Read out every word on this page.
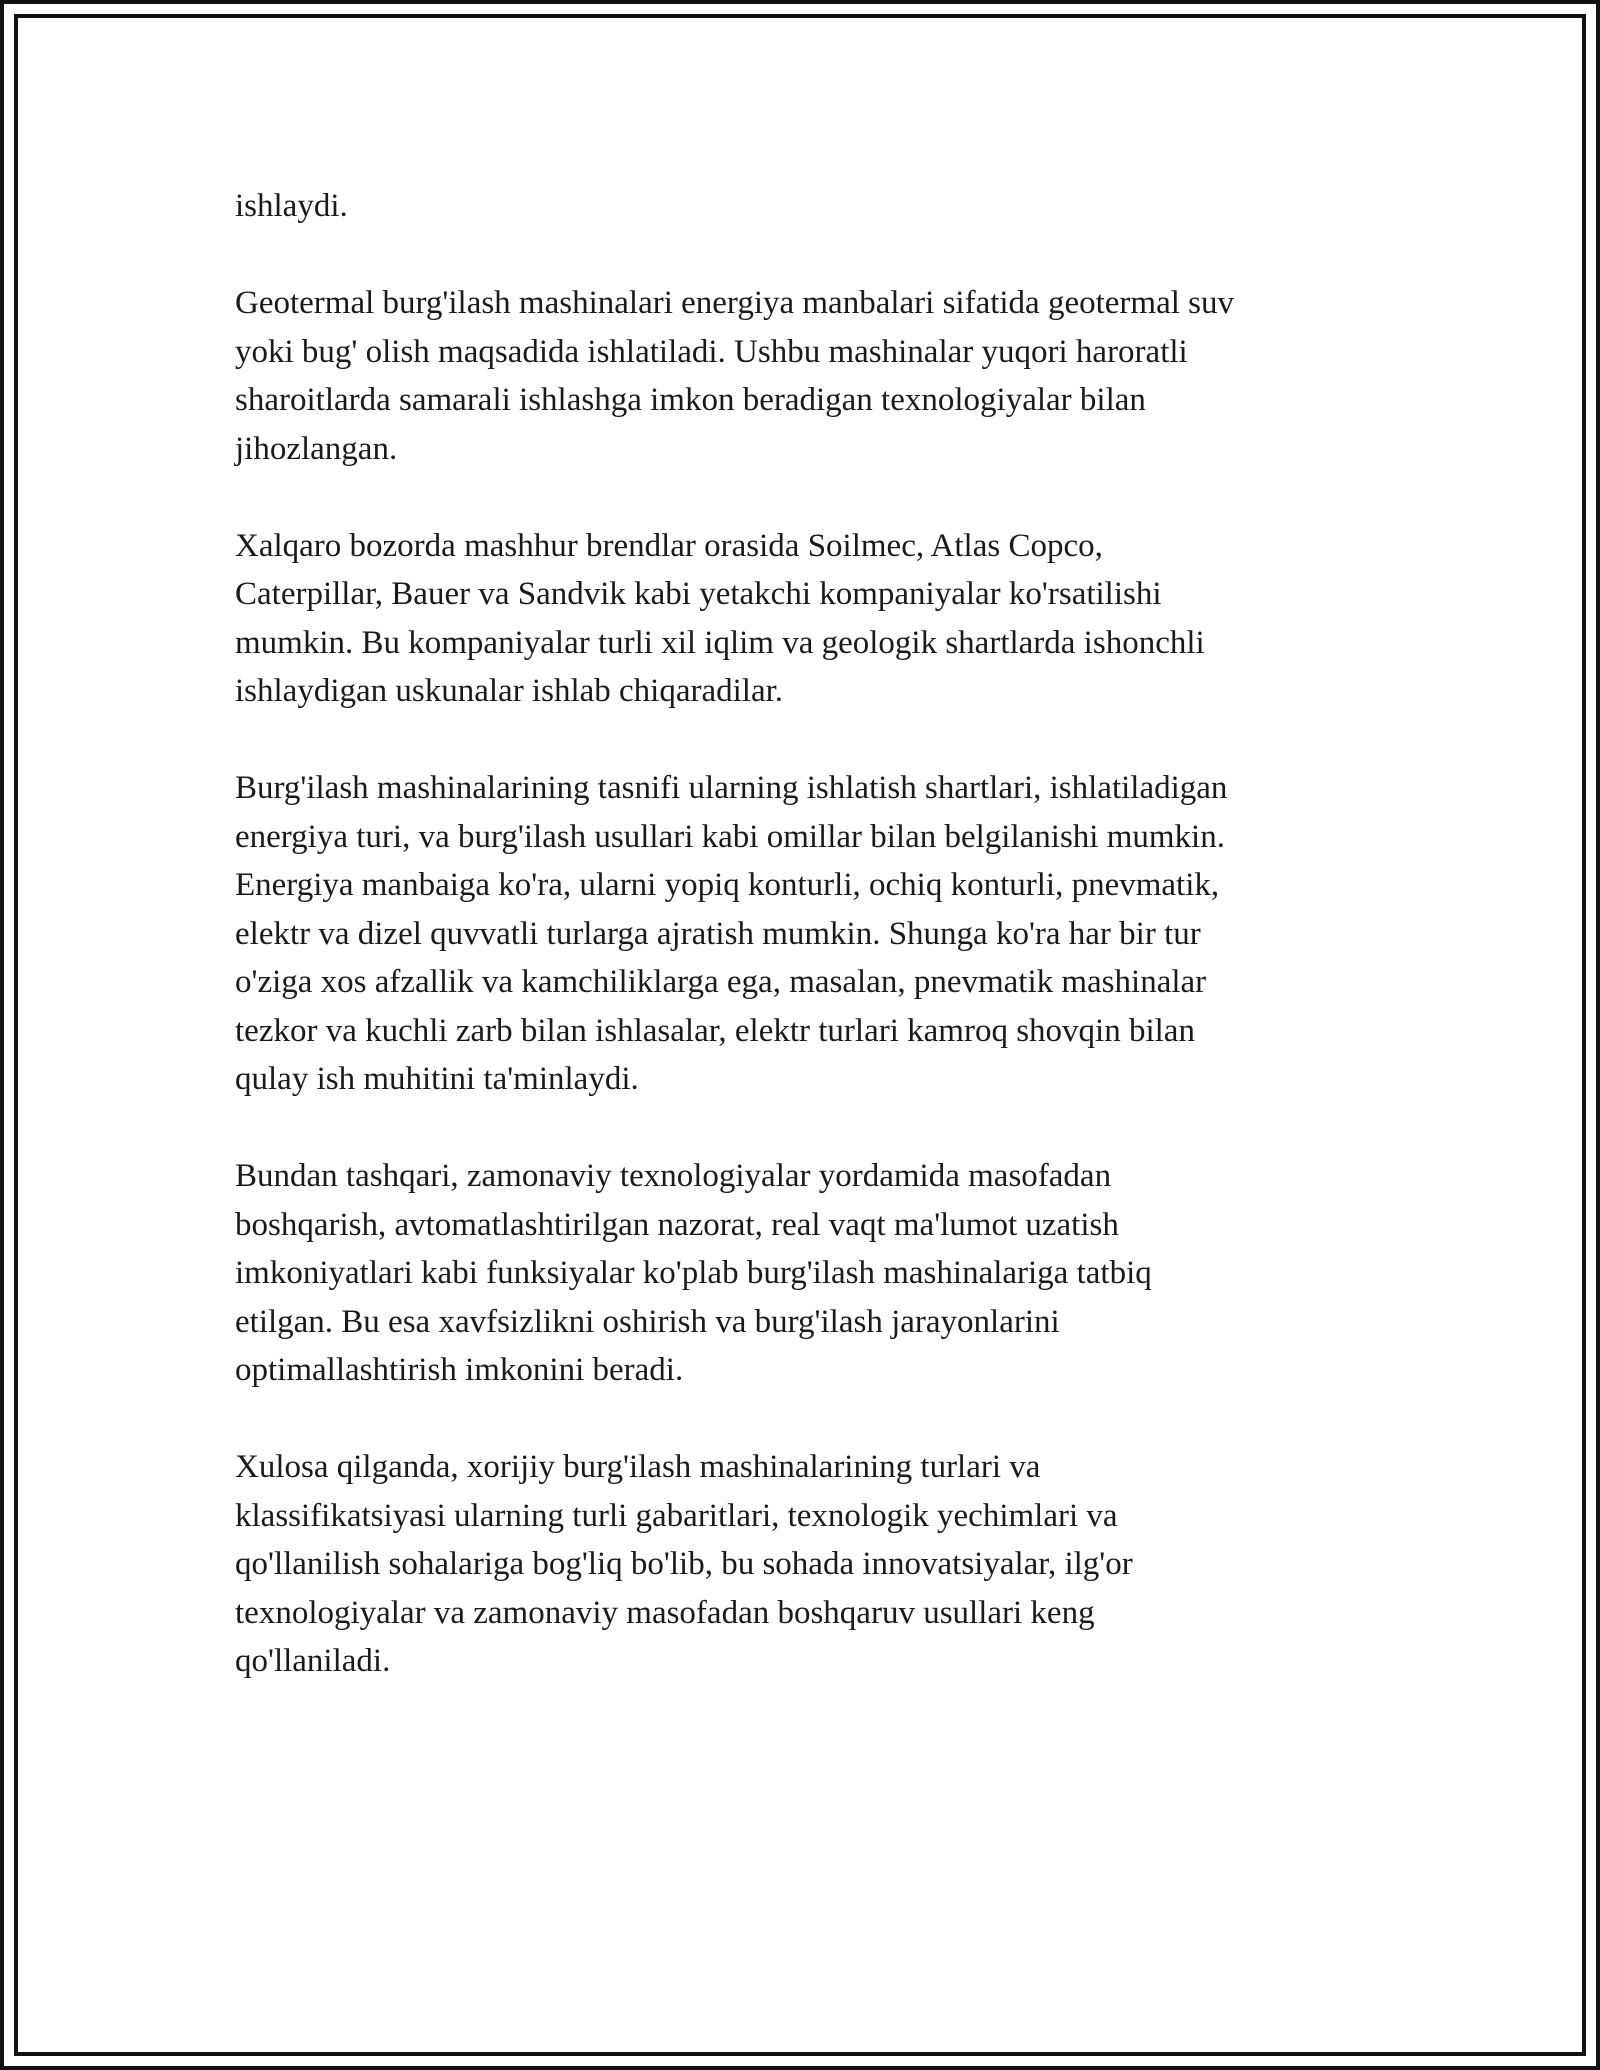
ishlaydi.

Geotermal burg'ilash mashinalari energiya manbalari sifatida geotermal suv
yoki bug' olish maqsadida ishlatiladi. Ushbu mashinalar yuqori haroratli
sharoitlarda samarali ishlashga imkon beradigan texnologiyalar bilan
jihozlangan.

Xalqaro bozorda mashhur brendlar orasida Soilmec, Atlas Copco,
Caterpillar, Bauer va Sandvik kabi yetakchi kompaniyalar ko'rsatilishi
mumkin. Bu kompaniyalar turli xil iqlim va geologik shartlarda ishonchli
ishlaydigan uskunalar ishlab chiqaradilar.

Burg'ilash mashinalarining tasnifi ularning ishlatish shartlari, ishlatiladigan
energiya turi, va burg'ilash usullari kabi omillar bilan belgilanishi mumkin.
Energiya manbaiga ko'ra, ularni yopiq konturli, ochiq konturli, pnevmatik,
elektr va dizel quvvatli turlarga ajratish mumkin. Shunga ko'ra har bir tur
o'ziga xos afzallik va kamchiliklarga ega, masalan, pnevmatik mashinalar
tezkor va kuchli zarb bilan ishlasalar, elektr turlari kamroq shovqin bilan
qulay ish muhitini ta'minlaydi.

Bundan tashqari, zamonaviy texnologiyalar yordamida masofadan
boshqarish, avtomatlashtirilgan nazorat, real vaqt ma'lumot uzatish
imkoniyatlari kabi funksiyalar ko'plab burg'ilash mashinalariga tatbiq
etilgan. Bu esa xavfsizlikni oshirish va burg'ilash jarayonlarini
optimallashtirish imkonini beradi.

Xulosa qilganda, xorijiy burg'ilash mashinalarining turlari va
klassifikatsiyasi ularning turli gabaritlari, texnologik yechimlari va
qo'llanilish sohalariga bog'liq bo'lib, bu sohada innovatsiyalar, ilg'or
texnologiyalar va zamonaviy masofadan boshqaruv usullari keng
qo'llaniladi.
